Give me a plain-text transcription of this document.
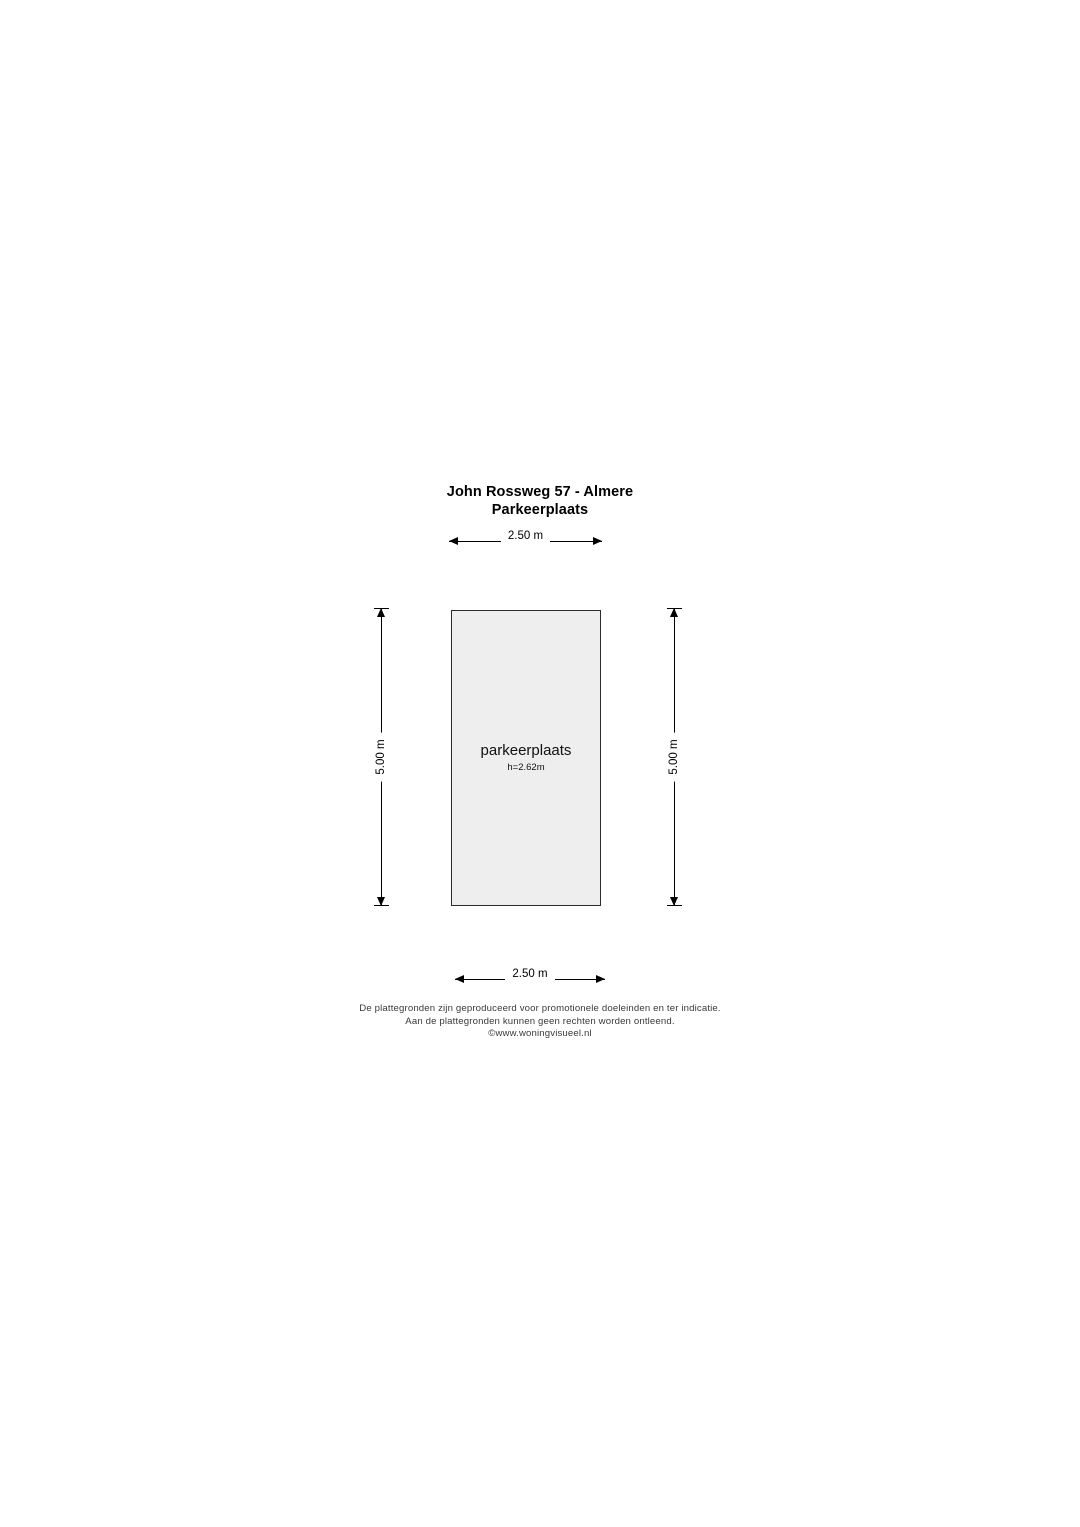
John Rossweg 57 - Almere
Parkeerplaats
2.50 m
5.00 m	5.00 m
parkeerplaats
h=2.62m
2.50 m
De plattegronden zijn geproduceerd voor promotionele doeleinden en ter indicatie.
Aan de plattegronden kunnen geen rechten worden ontleend.
©www.woningvisueel.nl
